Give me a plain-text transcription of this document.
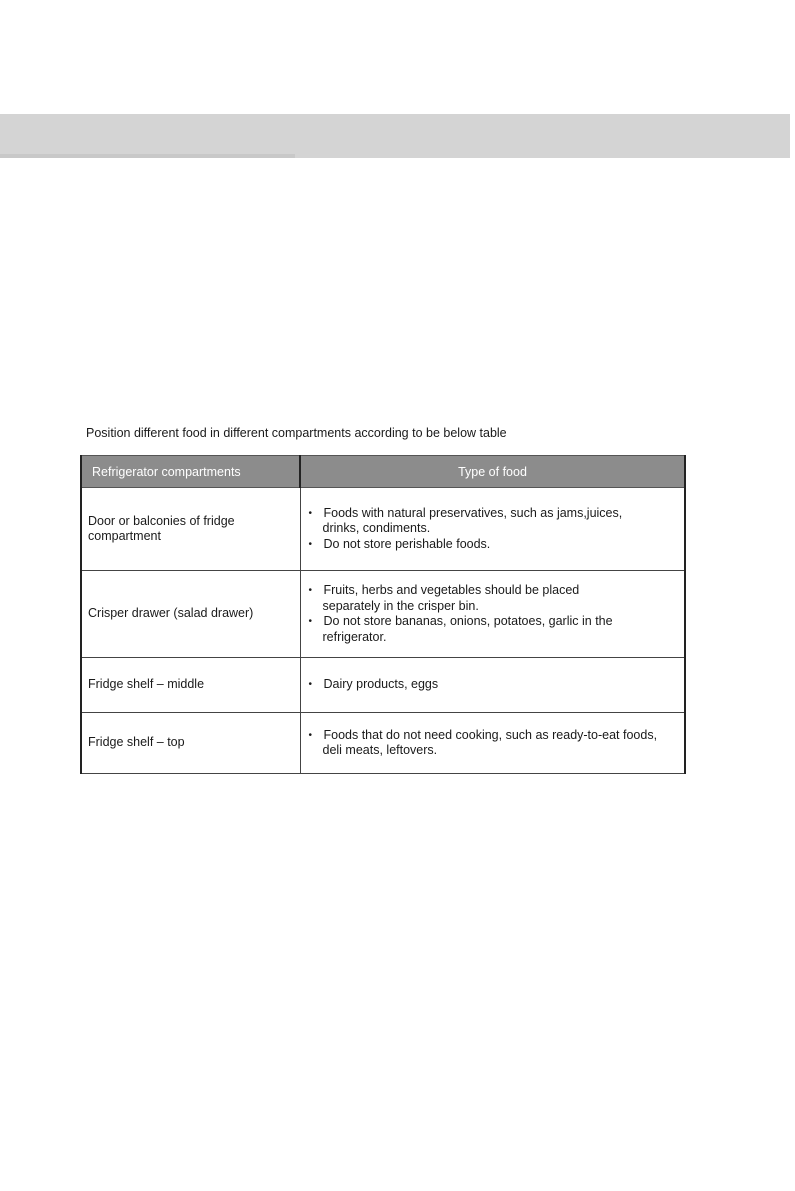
Position different food in different compartments according to be below table
Refrigerator compartments	Type of food

Door or balconies of fridge
compartment	• Foods with natural preservatives, such as jams,juices,
drinks, condiments.
• Do not store perishable foods.

Crisper drawer (salad drawer)	• Fruits, herbs and vegetables should be placed
separately in the crisper bin.
• Do not store bananas, onions, potatoes, garlic in the
refrigerator.

Fridge shelf – middle	• Dairy products, eggs

Fridge shelf – top	• Foods that do not need cooking, such as ready-to-eat foods,
deli meats, leftovers.
